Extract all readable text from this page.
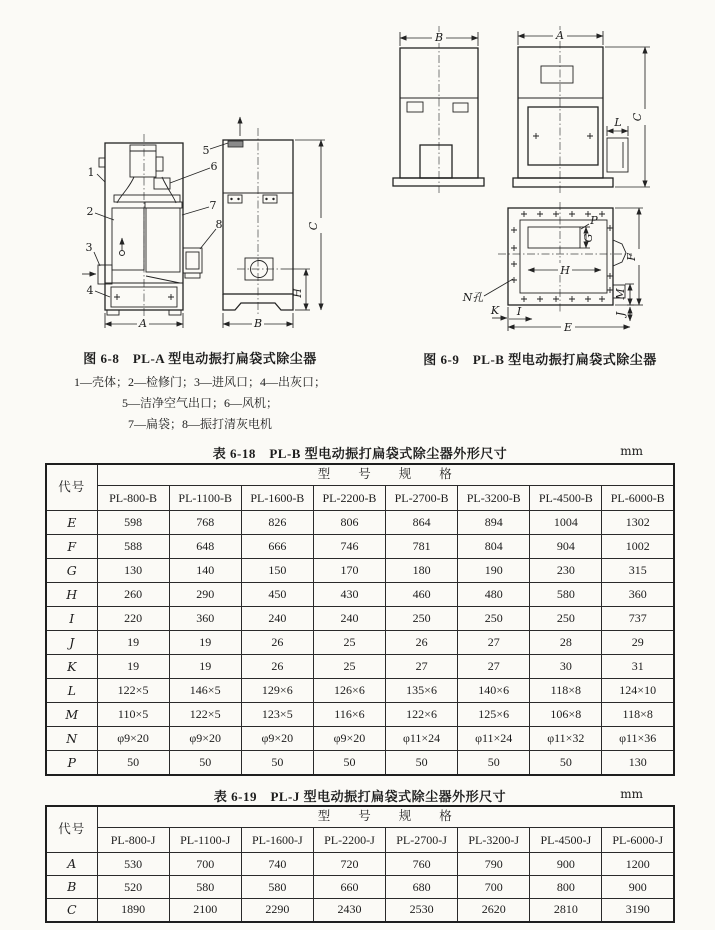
A
H
C
B
1
2
3
4
5
6
7
8
B	A
L C
G
P
H
F
M
J
K I
E
N孔
图 6-8　PL-A 型电动振打扁袋式除尘器
1—壳体；2—检修门；3—进风口；4—出灰口；
5—洁净空气出口；6—风机；
7—扁袋；8—振打清灰电机
图 6-9　PL-B 型电动振打扁袋式除尘器
表 6-18　PL-B 型电动振打扁袋式除尘器外形尺寸	mm
代号	型　　号　　规　　格							
	PL-800-B	PL-1100-B	PL-1600-B	PL-2200-B	PL-2700-B	PL-3200-B	PL-4500-B	PL-6000-B
E	598	768	826	806	864	894	1004	1302
F	588	648	666	746	781	804	904	1002
G	130	140	150	170	180	190	230	315
H	260	290	450	430	460	480	580	360
I	220	360	240	240	250	250	250	737
J	19	19	26	25	26	27	28	29
K	19	19	26	25	27	27	30	31
L	122×5	146×5	129×6	126×6	135×6	140×6	118×8	124×10
M	110×5	122×5	123×5	116×6	122×6	125×6	106×8	118×8
N	φ9×20	φ9×20	φ9×20	φ9×20	φ11×24	φ11×24	φ11×32	φ11×36
P	50	50	50	50	50	50	50	130
表 6-19　PL-J 型电动振打扁袋式除尘器外形尺寸	mm
代号	型　　号　　规　　格							
	PL-800-J	PL-1100-J	PL-1600-J	PL-2200-J	PL-2700-J	PL-3200-J	PL-4500-J	PL-6000-J
A	530	700	740	720	760	790	900	1200
B	520	580	580	660	680	700	800	900
C	1890	2100	2290	2430	2530	2620	2810	3190
